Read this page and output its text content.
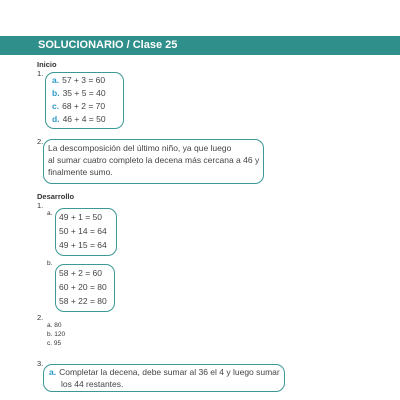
SOLUCIONARIO / Clase 25
Inicio
1.
a. 57 + 3 = 60
b. 35 + 5 = 40
c. 68 + 2 = 70
d. 46 + 4 = 50
2.
La descomposición del último niño, ya que luego
al sumar cuatro completo la decena más cercana a 46 y
finalmente sumo.
Desarrollo
1.
a. 49 + 1 = 50
50 + 14 = 64
49 + 15 = 64
b.
58 + 2 = 60
60 + 20 = 80
58 + 22 = 80
2.
a. 80
b. 120
c. 95
3.
a. Completar la decena, debe sumar al 36 el 4 y luego sumar
los 44 restantes.
